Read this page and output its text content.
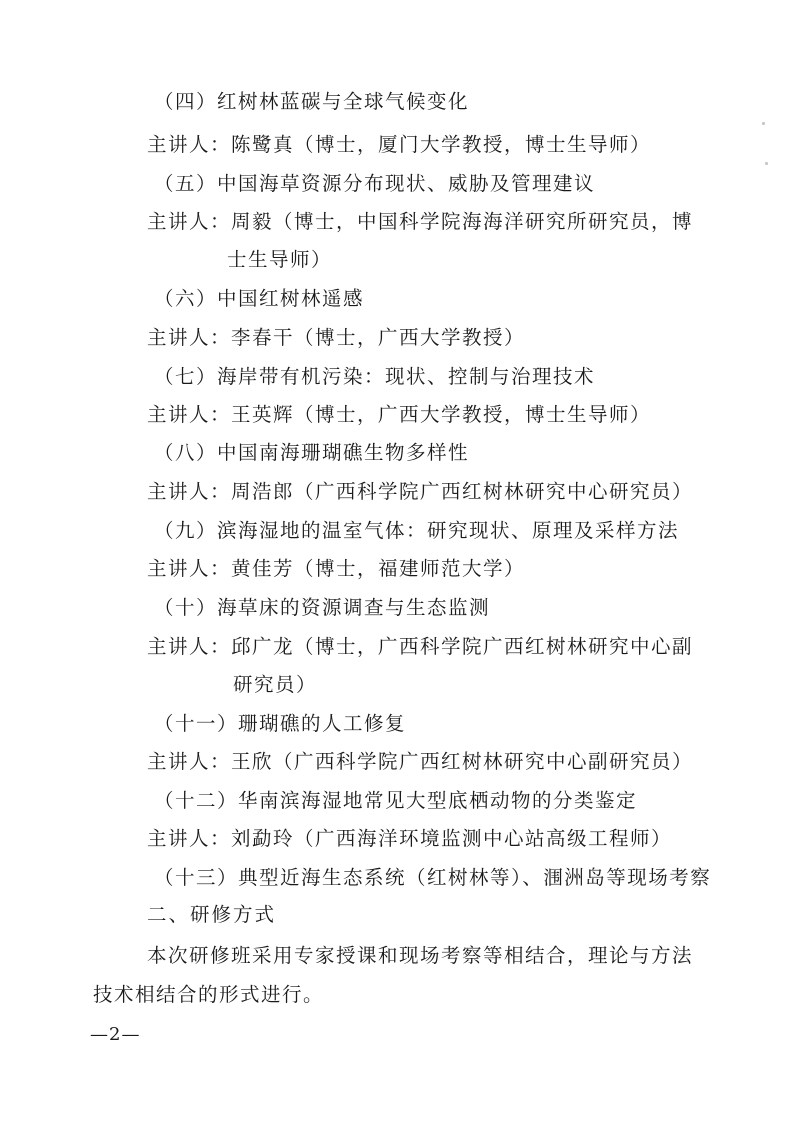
（四）红树林蓝碳与全球气候变化
主讲人：陈鹭真（博士，厦门大学教授，博士生导师）
（五）中国海草资源分布现状、威胁及管理建议
主讲人：周毅（博士，中国科学院海海洋研究所研究员，博
士生导师）
（六）中国红树林遥感
主讲人：李春干（博士，广西大学教授）
（七）海岸带有机污染：现状、控制与治理技术
主讲人：王英辉（博士，广西大学教授，博士生导师）
（八）中国南海珊瑚礁生物多样性
主讲人：周浩郎（广西科学院广西红树林研究中心研究员）
（九）滨海湿地的温室气体：研究现状、原理及采样方法
主讲人：黄佳芳（博士，福建师范大学）
（十）海草床的资源调查与生态监测
主讲人：邱广龙（博士，广西科学院广西红树林研究中心副
研究员）
（十一）珊瑚礁的人工修复
主讲人：王欣（广西科学院广西红树林研究中心副研究员）
（十二）华南滨海湿地常见大型底栖动物的分类鉴定
主讲人：刘勐玲（广西海洋环境监测中心站高级工程师）
（十三）典型近海生态系统（红树林等）、涠洲岛等现场考察
二、研修方式
本次研修班采用专家授课和现场考察等相结合，理论与方法
技术相结合的形式进行。
—2—
